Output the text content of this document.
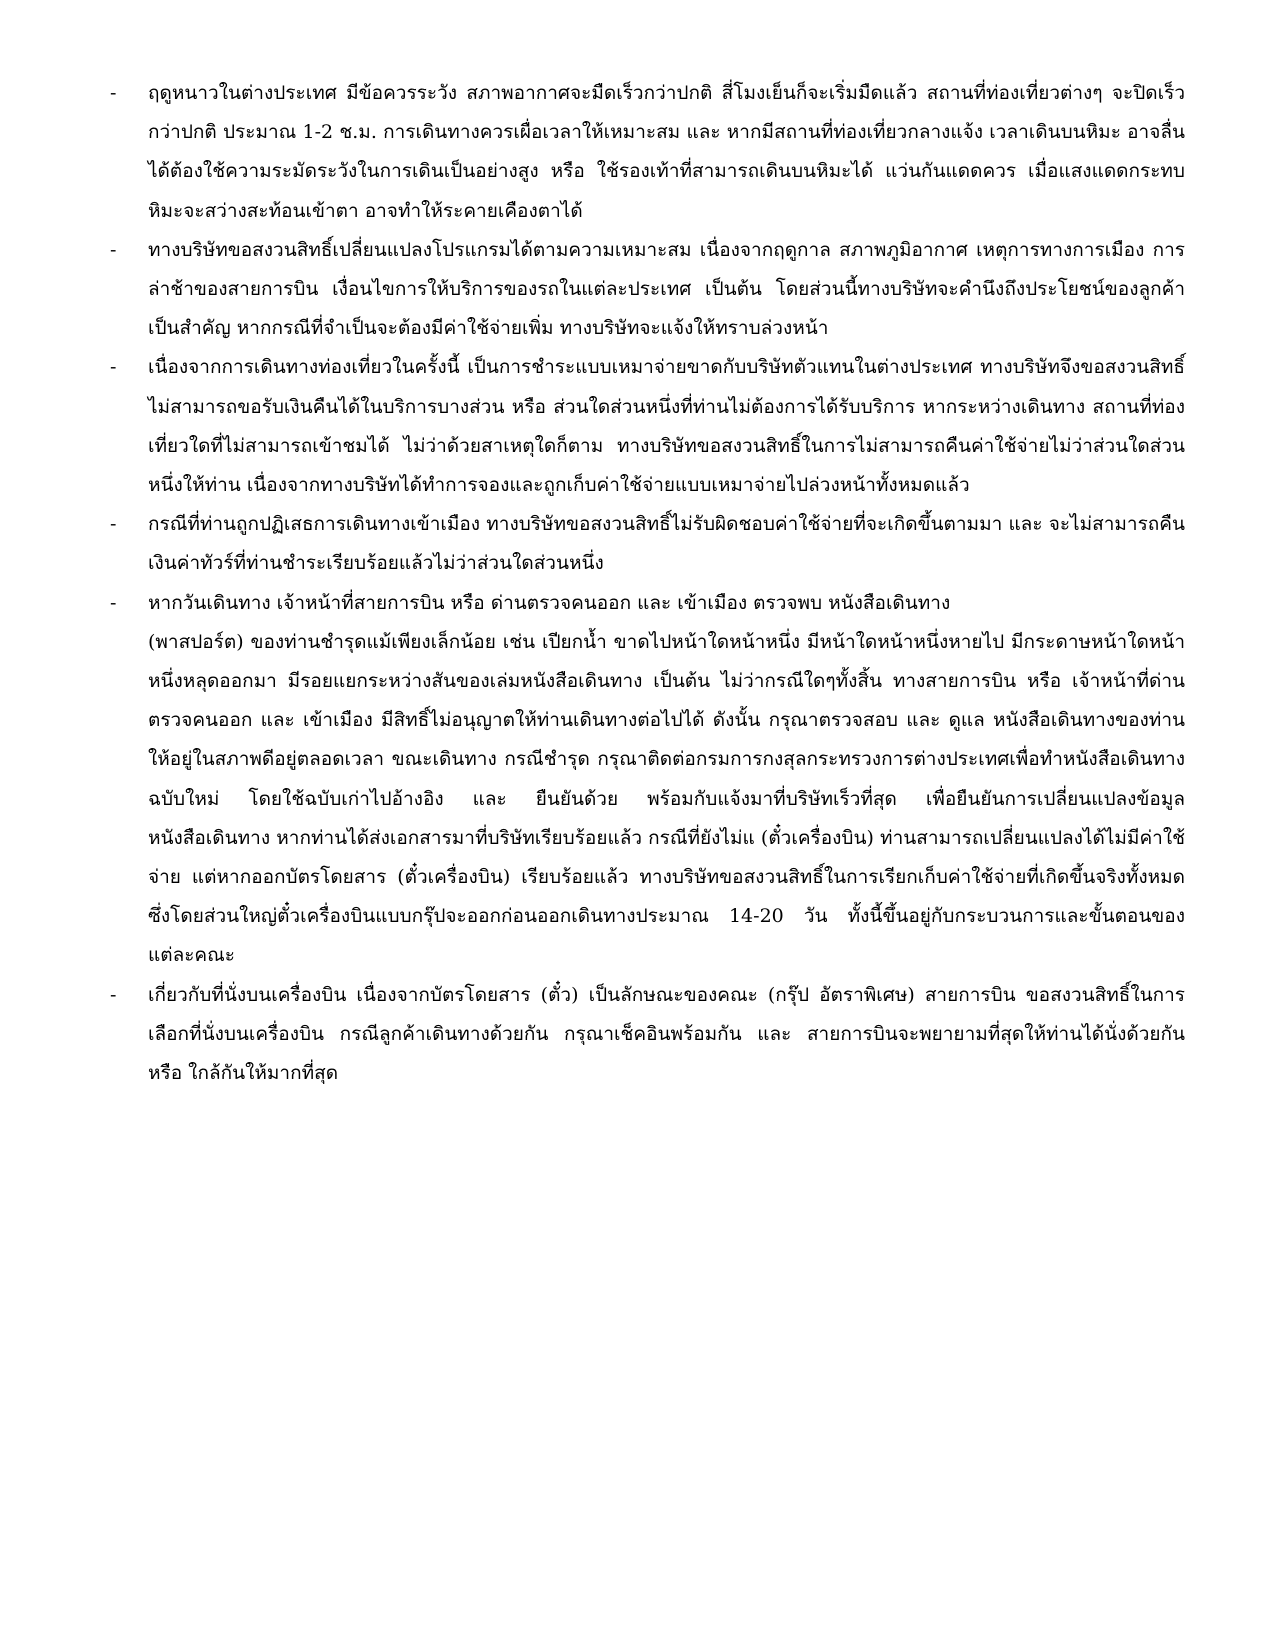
-	ฤดูหนาวในต่างประเทศ มีข้อควรระวัง สภาพอากาศจะมืดเร็วกว่าปกติ สี่โมงเย็นก็จะเริ่มมืดแล้ว สถานที่ท่องเที่ยวต่างๆ จะปิดเร็วกว่าปกติ ประมาณ 1-2 ช.ม. การเดินทางควรเผื่อเวลาให้เหมาะสม และ หากมีสถานที่ท่องเที่ยวกลางแจ้ง เวลาเดินบนหิมะ อาจลื่นได้ต้องใช้ความระมัดระวังในการเดินเป็นอย่างสูง หรือ ใช้รองเท้าที่สามารถเดินบนหิมะได้ แว่นกันแดดควร เมื่อแสงแดดกระทบหิมะจะสว่างสะท้อนเข้าตา อาจทำให้ระคายเคืองตาได้
-	ทางบริษัทขอสงวนสิทธิ์เปลี่ยนแปลงโปรแกรมได้ตามความเหมาะสม เนื่องจากฤดูกาล สภาพภูมิอากาศ เหตุการทางการเมือง การล่าช้าของสายการบิน เงื่อนไขการให้บริการของรถในแต่ละประเทศ เป็นต้น โดยส่วนนี้ทางบริษัทจะคำนึงถึงประโยชน์ของลูกค้าเป็นสำคัญ หากกรณีที่จำเป็นจะต้องมีค่าใช้จ่ายเพิ่ม ทางบริษัทจะแจ้งให้ทราบล่วงหน้า
-	เนื่องจากการเดินทางท่องเที่ยวในครั้งนี้ เป็นการชำระแบบเหมาจ่ายขาดกับบริษัทตัวแทนในต่างประเทศ ทางบริษัทจึงขอสงวนสิทธิ์ ไม่สามารถขอรับเงินคืนได้ในบริการบางส่วน หรือ ส่วนใดส่วนหนึ่งที่ท่านไม่ต้องการได้รับบริการ หากระหว่างเดินทาง สถานที่ท่องเที่ยวใดที่ไม่สามารถเข้าชมได้ ไม่ว่าด้วยสาเหตุใดก็ตาม ทางบริษัทขอสงวนสิทธิ์ในการไม่สามารถคืนค่าใช้จ่ายไม่ว่าส่วนใดส่วนหนึ่งให้ท่าน เนื่องจากทางบริษัทได้ทำการจองและถูกเก็บค่าใช้จ่ายแบบเหมาจ่ายไปล่วงหน้าทั้งหมดแล้ว
-	กรณีที่ท่านถูกปฏิเสธการเดินทางเข้าเมือง ทางบริษัทขอสงวนสิทธิ์ไม่รับผิดชอบค่าใช้จ่ายที่จะเกิดขึ้นตามมา และ จะไม่สามารถคืนเงินค่าทัวร์ที่ท่านชำระเรียบร้อยแล้วไม่ว่าส่วนใดส่วนหนึ่ง
-	หากวันเดินทาง เจ้าหน้าที่สายการบิน หรือ ด่านตรวจคนออก และ เข้าเมือง ตรวจพบ หนังสือเดินทาง
(พาสปอร์ต) ของท่านชำรุดแม้เพียงเล็กน้อย เช่น เปียกน้ำ ขาดไปหน้าใดหน้าหนึ่ง มีหน้าใดหน้าหนึ่งหายไป มีกระดาษหน้าใดหน้าหนึ่งหลุดออกมา มีรอยแยกระหว่างสันของเล่มหนังสือเดินทาง เป็นต้น ไม่ว่ากรณีใดๆทั้งสิ้น ทางสายการบิน หรือ เจ้าหน้าที่ด่านตรวจคนออก และ เข้าเมือง มีสิทธิ์ไม่อนุญาตให้ท่านเดินทางต่อไปได้ ดังนั้น กรุณาตรวจสอบ และ ดูแล หนังสือเดินทางของท่านให้อยู่ในสภาพดีอยู่ตลอดเวลา ขณะเดินทาง กรณีชำรุด กรุณาติดต่อกรมการกงสุลกระทรวงการต่างประเทศเพื่อทำหนังสือเดินทางฉบับใหม่ โดยใช้ฉบับเก่าไปอ้างอิง และ ยืนยันด้วย พร้อมกับแจ้งมาที่บริษัทเร็วที่สุด เพื่อยืนยันการเปลี่ยนแปลงข้อมูลหนังสือเดินทาง หากท่านได้ส่งเอกสารมาที่บริษัทเรียบร้อยแล้ว กรณีที่ยังไม่แ (ตั๋วเครื่องบิน) ท่านสามารถเปลี่ยนแปลงได้ไม่มีค่าใช้จ่าย แต่หากออกบัตรโดยสาร (ตั๋วเครื่องบิน) เรียบร้อยแล้ว ทางบริษัทขอสงวนสิทธิ์ในการเรียกเก็บค่าใช้จ่ายที่เกิดขึ้นจริงทั้งหมด ซึ่งโดยส่วนใหญ่ตั๋วเครื่องบินแบบกรุ๊ปจะออกก่อนออกเดินทางประมาณ 14-20 วัน ทั้งนี้ขึ้นอยู่กับกระบวนการและขั้นตอนของแต่ละคณะ
-	เกี่ยวกับที่นั่งบนเครื่องบิน เนื่องจากบัตรโดยสาร (ตั๋ว) เป็นลักษณะของคณะ (กรุ๊ป อัตราพิเศษ) สายการบิน ขอสงวนสิทธิ์ในการเลือกที่นั่งบนเครื่องบิน กรณีลูกค้าเดินทางด้วยกัน กรุณาเช็คอินพร้อมกัน และ สายการบินจะพยายามที่สุดให้ท่านได้นั่งด้วยกัน หรือ ใกล้กันให้มากที่สุด
